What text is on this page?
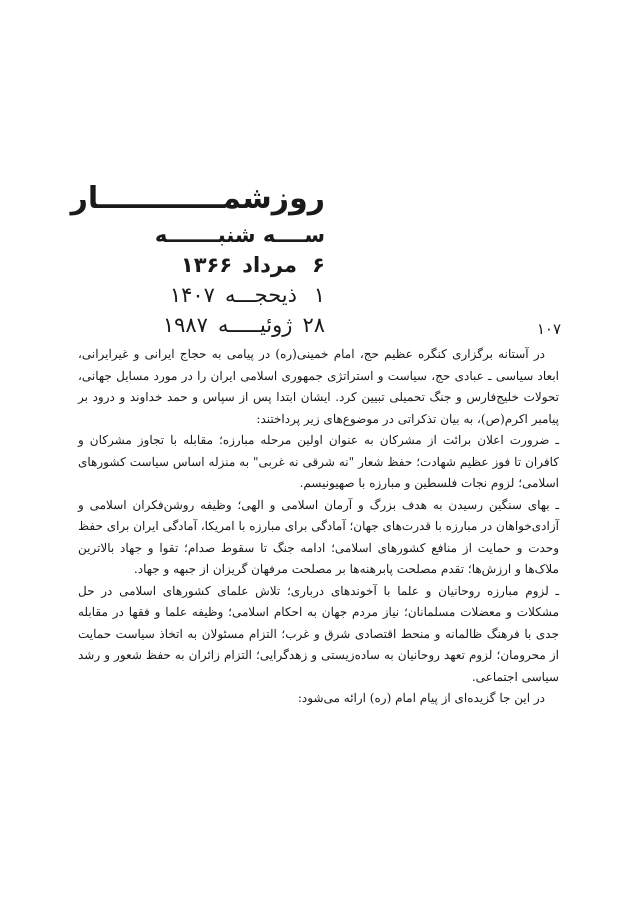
روزشمــــــــــــار
ســــه شنبـــــــه
۶
مرداد
۱۳۶۶
۱
ذیحجـــه
۱۴۰۷
۲۸
ژوئیـــــه
۱۹۸۷	۱۰۷

در آستانه برگزاری کنگره عظیم حج، امام خمینی(ره) در پیامی به حجاج ایرانی و غیرایرانی، ابعاد سیاسی ـ عبادی حج، سیاست و استراتژی جمهوری اسلامی ایران را در مورد مسایل جهانی، تحولات خلیج‌فارس و جنگ تحمیلی تبیین کرد. ایشان ابتدا پس از سپاس و حمد خداوند و درود بر پیامبر اکرم(ص)، به بیان تذکراتی در موضوع‌های زیر پرداختند:

ـ ضرورت اعلان برائت از مشرکان به عنوان اولین مرحله مبارزه؛ مقابله با تجاوز مشرکان و کافران تا فوز عظیم شهادت؛ حفظ شعار "نه شرقی نه غربی" به منزله اساس سیاست کشورهای اسلامی؛ لزوم نجات فلسطین و مبارزه با صهیونیسم.

ـ بهای سنگین رسیدن به هدف بزرگ و آرمان اسلامی و الهی؛ وظیفه روشن‌فکران اسلامی و آزادی‌خواهان در مبارزه با قدرت‌های جهان؛ آمادگی برای مبارزه با امریکا، آمادگی ایران برای حفظ وحدت و حمایت از منافع کشورهای اسلامی؛ ادامه جنگ تا سقوط صدام؛ تقوا و جهاد بالاترین ملاک‌ها و ارزش‌ها؛ تقدم مصلحت پابرهنه‌ها بر مصلحت مرفهان گریزان از جبهه و جهاد.

ـ لزوم مبارزه روحانیان و علما با آخوندهای درباری؛ تلاش علمای کشورهای اسلامی در حل مشکلات و معضلات مسلمانان؛ نیاز مردم جهان به احکام اسلامی؛ وظیفه علما و فقها در مقابله جدی با فرهنگ ظالمانه و منحط اقتصادی شرق و غرب؛ التزام مسئولان به اتخاذ سیاست حمایت از محرومان؛ لزوم تعهد روحانیان به ساده‌زیستی و زهدگرایی؛ التزام زائران به حفظ شعور و رشد سیاسی اجتماعی.

در این جا گزیده‌ای از پیام امام (ره) ارائه می‌شود:
